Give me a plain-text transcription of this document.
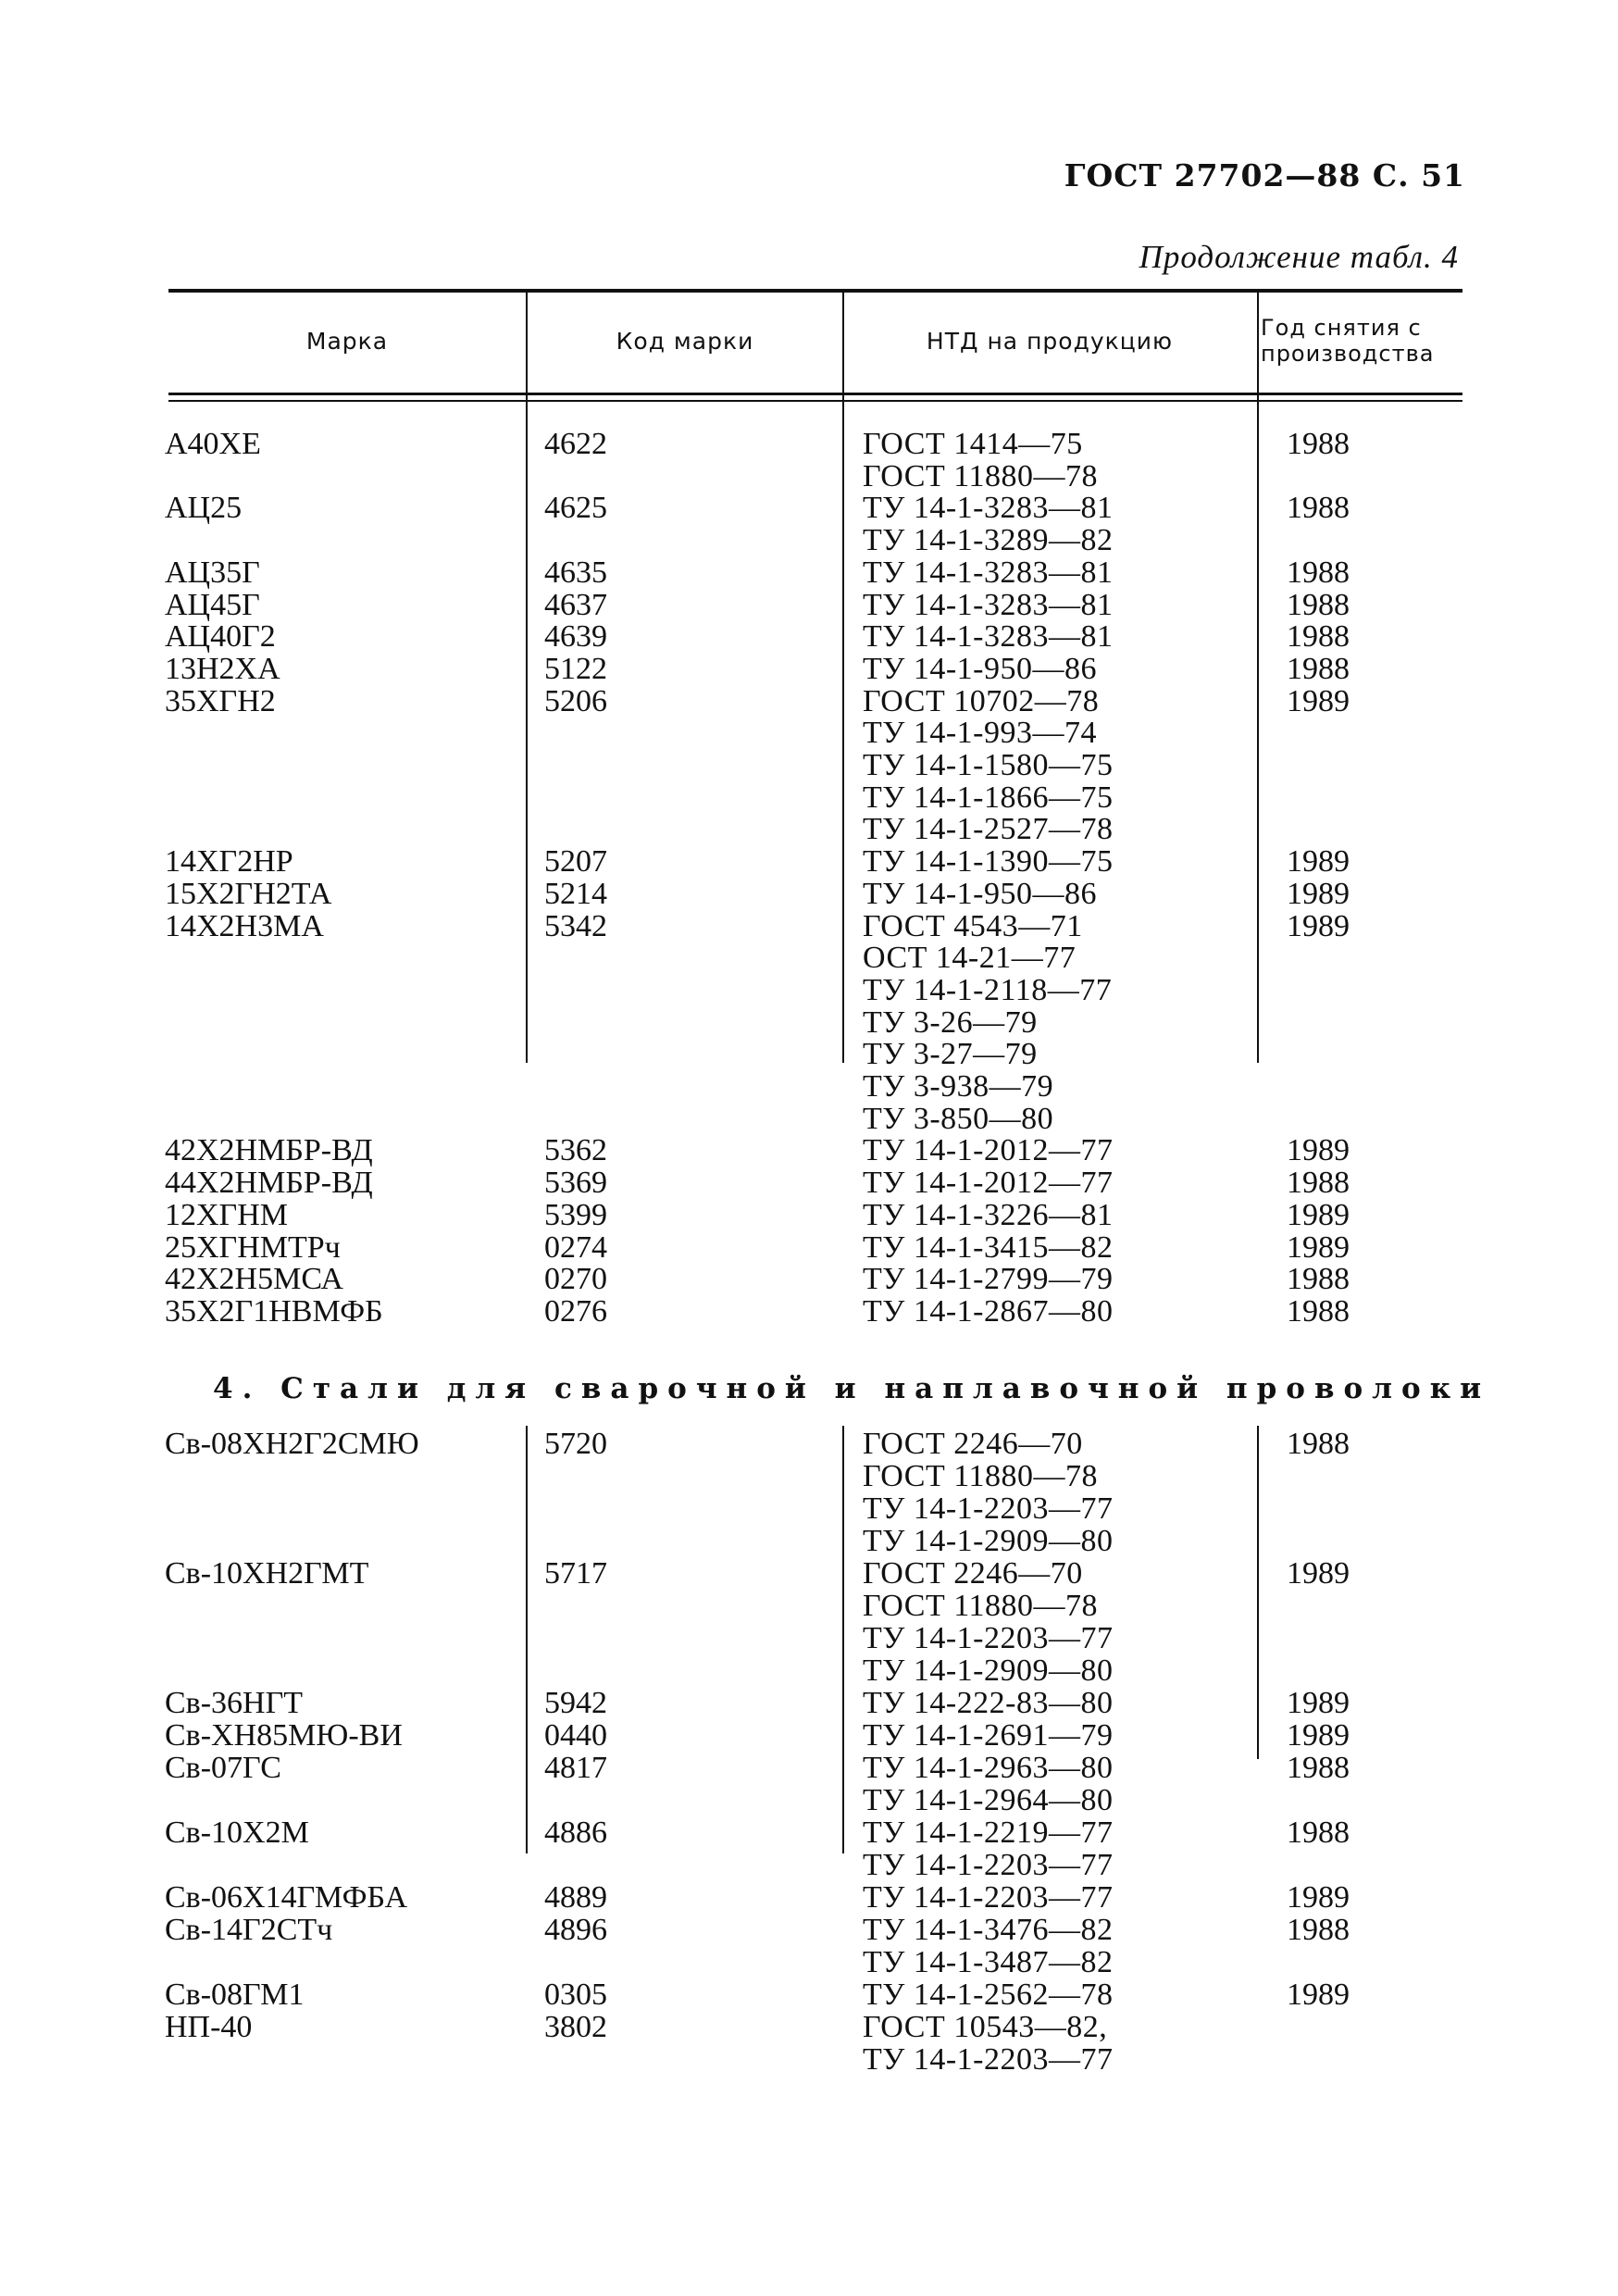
ГОСТ 27702—88 С. 51
Продолжение табл. 4
Марка	Код марки	НТД на продукцию	Год снятия с
производства
А40ХЕ	4622	ГОСТ 1414—75	1988
ГОСТ 11880—78
АЦ25	4625	ТУ 14-1-3283—81	1988
ТУ 14-1-3289—82
АЦ35Г	4635	ТУ 14-1-3283—81	1988
АЦ45Г	4637	ТУ 14-1-3283—81	1988
АЦ40Г2	4639	ТУ 14-1-3283—81	1988
13Н2ХА	5122	ТУ 14-1-950—86	1988
35ХГН2	5206	ГОСТ 10702—78	1989
ТУ 14-1-993—74
ТУ 14-1-1580—75
ТУ 14-1-1866—75
ТУ 14-1-2527—78
14ХГ2НР	5207	ТУ 14-1-1390—75	1989
15Х2ГН2ТА	5214	ТУ 14-1-950—86	1989
14Х2Н3МА	5342	ГОСТ 4543—71	1989
ОСТ 14-21—77
ТУ 14-1-2118—77
ТУ 3-26—79
ТУ 3-27—79
ТУ 3-938—79
ТУ 3-850—80
42Х2НМБР-ВД	5362	ТУ 14-1-2012—77	1989
44Х2НМБР-ВД	5369	ТУ 14-1-2012—77	1988
12ХГНМ	5399	ТУ 14-1-3226—81	1989
25ХГНМТРч	0274	ТУ 14-1-3415—82	1989
42Х2Н5МСА	0270	ТУ 14-1-2799—79	1988
35Х2Г1НВМФБ	0276	ТУ 14-1-2867—80	1988
4. Стали для сварочной и наплавочной проволоки
Св-08ХН2Г2СМЮ	5720	ГОСТ 2246—70	1988
ГОСТ 11880—78
ТУ 14-1-2203—77
ТУ 14-1-2909—80
Св-10ХН2ГМТ	5717	ГОСТ 2246—70	1989
ГОСТ 11880—78
ТУ 14-1-2203—77
ТУ 14-1-2909—80
Св-36НГТ	5942	ТУ 14-222-83—80	1989
Св-ХН85МЮ-ВИ	0440	ТУ 14-1-2691—79	1989
Св-07ГС	4817	ТУ 14-1-2963—80	1988
ТУ 14-1-2964—80
Св-10Х2М	4886	ТУ 14-1-2219—77	1988
ТУ 14-1-2203—77
Св-06Х14ГМФБА	4889	ТУ 14-1-2203—77	1989
Св-14Г2СТч	4896	ТУ 14-1-3476—82	1988
ТУ 14-1-3487—82
Св-08ГМ1	0305	ТУ 14-1-2562—78	1989
НП-40	3802	ГОСТ 10543—82,
ТУ 14-1-2203—77
